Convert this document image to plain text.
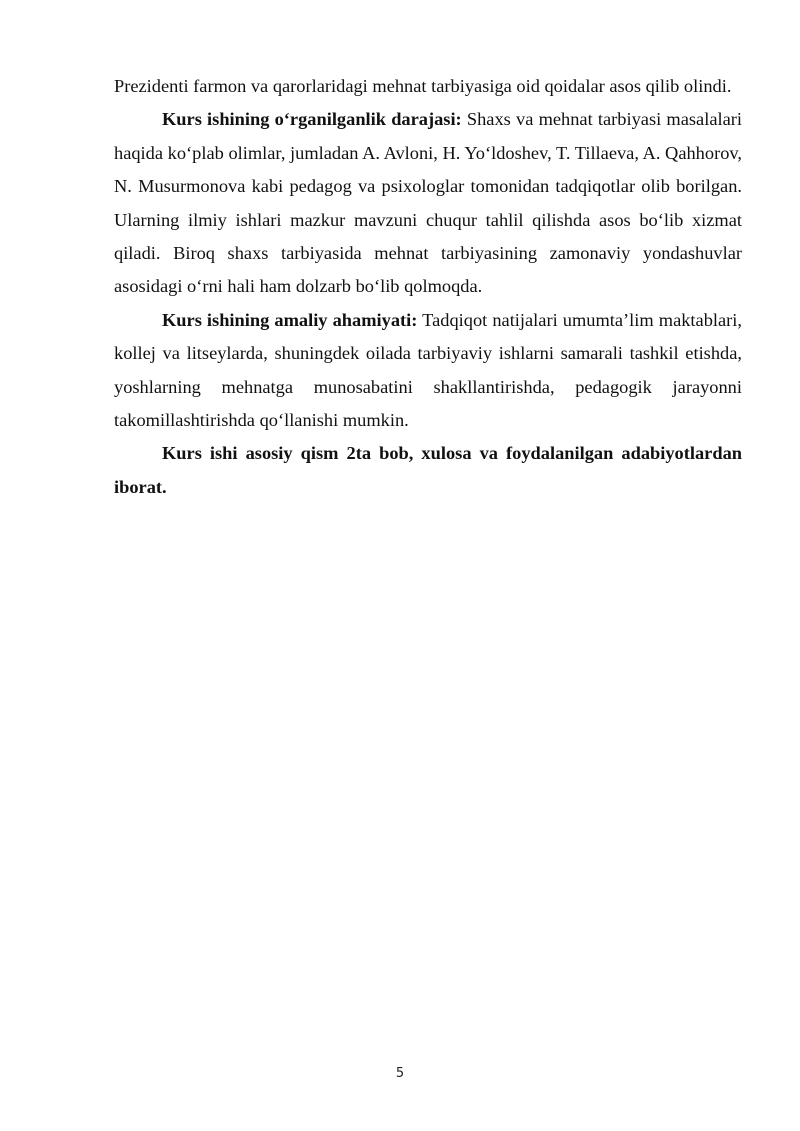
Prezidenti farmon va qarorlaridagi mehnat tarbiyasiga oid qoidalar asos qilib olindi.

Kurs ishining o‘rganilganlik darajasi: Shaxs va mehnat tarbiyasi masalalari haqida ko‘plab olimlar, jumladan A. Avloni, H. Yo‘ldoshev, T. Tillaeva, A. Qahhorov, N. Musurmonova kabi pedagog va psixologlar tomonidan tadqiqotlar olib borilgan. Ularning ilmiy ishlari mazkur mavzuni chuqur tahlil qilishda asos bo‘lib xizmat qiladi. Biroq shaxs tarbiyasida mehnat tarbiyasining zamonaviy yondashuvlar asosidagi o‘rni hali ham dolzarb bo‘lib qolmoqda.

Kurs ishining amaliy ahamiyati: Tadqiqot natijalari umumta’lim maktablari, kollej va litseylarda, shuningdek oilada tarbiyaviy ishlarni samarali tashkil etishda, yoshlarning mehnatga munosabatini shakllantirishda, pedagogik jarayonni takomillashtirishda qo‘llanishi mumkin.

Kurs ishi asosiy qism 2ta bob, xulosa va foydalanilgan adabiyotlardan iborat.

5
